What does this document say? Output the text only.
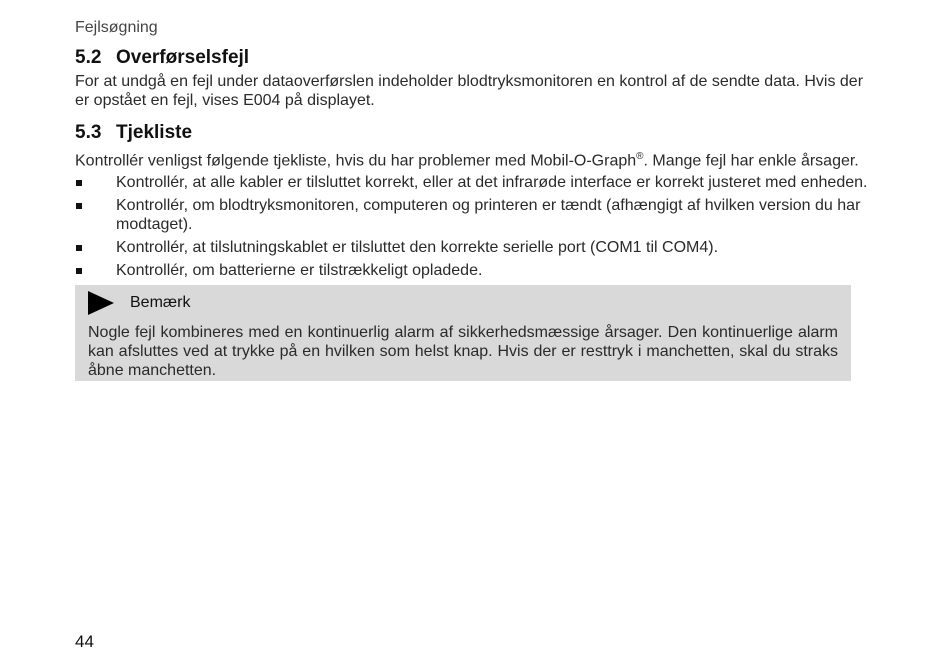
Fejlsøgning
5.2 Overførselsfejl

For at undgå en fejl under dataoverførslen indeholder blodtryksmonitoren en kontrol af de sendte data. Hvis der er opstået en fejl, vises E004 på displayet.

5.3 Tjekliste

Kontrollér venligst følgende tjekliste, hvis du har problemer med Mobil-O-Graph®. Mange fejl har enkle årsager.

Kontrollér, at alle kabler er tilsluttet korrekt, eller at det infrarøde interface er korrekt justeret med enheden.
Kontrollér, om blodtryksmonitoren, computeren og printeren er tændt (afhængigt af hvilken version du har modtaget).
Kontrollér, at tilslutningskablet er tilsluttet den korrekte serielle port (COM1 til COM4).
Kontrollér, om batterierne er tilstrækkeligt opladede.
Bemærk
Nogle fejl kombineres med en kontinuerlig alarm af sikkerhedsmæssige årsager. Den kontinuerlige alarm kan afsluttes ved at trykke på en hvilken som helst knap. Hvis der er resttryk i manchetten, skal du straks åbne manchetten.
44
